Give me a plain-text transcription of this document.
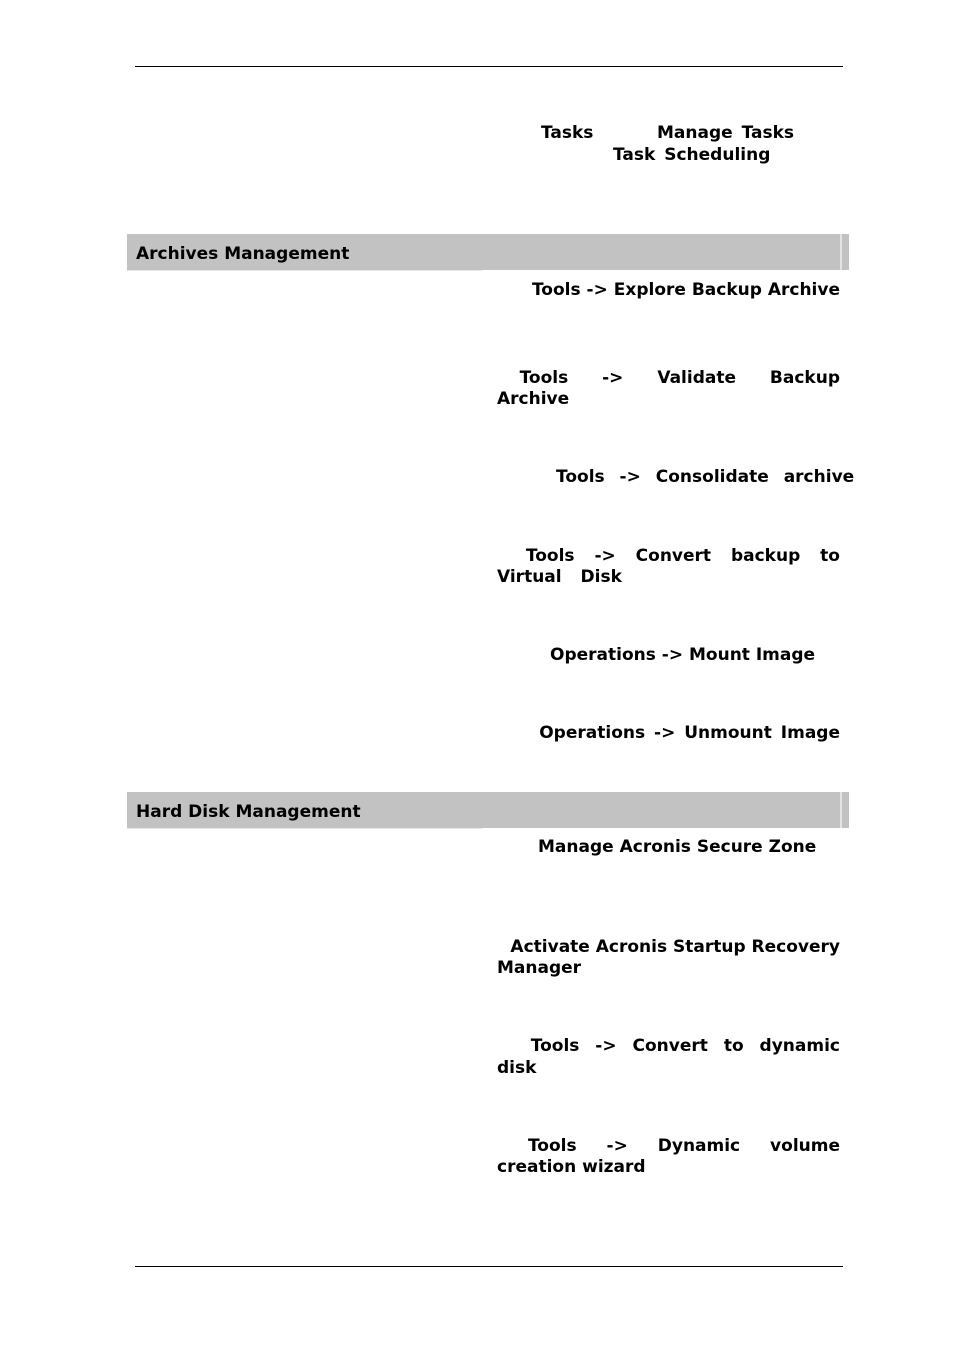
Tasks	Manage Tasks
Task Scheduling
Archives Management
Tools -> Explore Backup Archive
Tools -> Validate Backup
Archive
Tools -> Consolidate archive
Tools -> Convert backup to
Virtual Disk
Operations -> Mount Image
Operations -> Unmount Image
Hard Disk Management
Manage Acronis Secure Zone
Activate Acronis Startup Recovery
Manager
Tools -> Convert to dynamic
disk
Tools -> Dynamic volume
creation wizard
